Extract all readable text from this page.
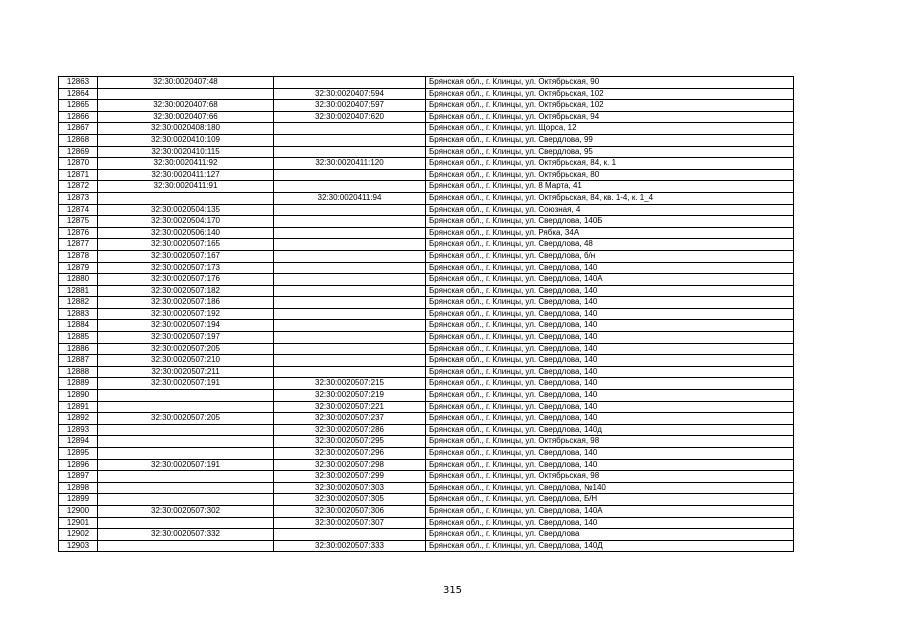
12863	32:30:0020407:48		Брянская обл., г. Клинцы, ул. Октябрьская, 90
12864		32:30:0020407:594	Брянская обл., г. Клинцы, ул. Октябрьская, 102
12865	32:30:0020407:68	32:30:0020407:597	Брянская обл., г. Клинцы, ул. Октябрьская, 102
12866	32:30:0020407:66	32:30:0020407:620	Брянская обл., г. Клинцы, ул. Октябрьская, 94
12867	32:30:0020408:180		Брянская обл., г. Клинцы, ул. Щорса, 12
12868	32:30:0020410:109		Брянская обл., г. Клинцы, ул. Свердлова, 99
12869	32:30:0020410:115		Брянская обл., г. Клинцы, ул. Свердлова, 95
12870	32:30:0020411:92	32:30:0020411:120	Брянская обл., г. Клинцы, ул. Октябрьская, 84, к. 1
12871	32:30:0020411:127		Брянская обл., г. Клинцы, ул. Октябрьская, 80
12872	32:30:0020411:91		Брянская обл., г. Клинцы, ул. 8 Марта, 41
12873		32:30:0020411:94	Брянская обл., г. Клинцы, ул. Октябрьская, 84, кв. 1-4, к. 1_4
12874	32:30:0020504:135		Брянская обл., г. Клинцы, ул. Союзная, 4
12875	32:30:0020504:170		Брянская обл., г. Клинцы, ул. Свердлова, 140Б
12876	32:30:0020506:140		Брянская обл., г. Клинцы, ул. Рябка, 34А
12877	32:30:0020507:165		Брянская обл., г. Клинцы, ул. Свердлова, 48
12878	32:30:0020507:167		Брянская обл., г. Клинцы, ул. Свердлова, б/н
12879	32:30:0020507:173		Брянская обл., г. Клинцы, ул. Свердлова, 140
12880	32:30:0020507:176		Брянская обл., г. Клинцы, ул. Свердлова, 140А
12881	32:30:0020507:182		Брянская обл., г. Клинцы, ул. Свердлова, 140
12882	32:30:0020507:186		Брянская обл., г. Клинцы, ул. Свердлова, 140
12883	32:30:0020507:192		Брянская обл., г. Клинцы, ул. Свердлова, 140
12884	32:30:0020507:194		Брянская обл., г. Клинцы, ул. Свердлова, 140
12885	32:30:0020507:197		Брянская обл., г. Клинцы, ул. Свердлова, 140
12886	32:30:0020507:205		Брянская обл., г. Клинцы, ул. Свердлова, 140
12887	32:30:0020507:210		Брянская обл., г. Клинцы, ул. Свердлова, 140
12888	32:30:0020507:211		Брянская обл., г. Клинцы, ул. Свердлова, 140
12889	32:30:0020507:191	32:30:0020507:215	Брянская обл., г. Клинцы, ул. Свердлова, 140
12890		32:30:0020507:219	Брянская обл., г. Клинцы, ул. Свердлова, 140
12891		32:30:0020507:221	Брянская обл., г. Клинцы, ул. Свердлова, 140
12892	32:30:0020507:205	32:30:0020507:237	Брянская обл., г. Клинцы, ул. Свердлова, 140
12893		32:30:0020507:286	Брянская обл., г. Клинцы, ул. Свердлова, 140д
12894		32:30:0020507:295	Брянская обл., г. Клинцы, ул. Октябрьская, 98
12895		32:30:0020507:296	Брянская обл., г. Клинцы, ул. Свердлова, 140
12896	32:30:0020507:191	32:30:0020507:298	Брянская обл., г. Клинцы, ул. Свердлова, 140
12897		32:30:0020507:299	Брянская обл., г. Клинцы, ул. Октябрьская, 98
12898		32:30:0020507:303	Брянская обл., г. Клинцы, ул. Свердлова, №140
12899		32:30:0020507:305	Брянская обл., г. Клинцы, ул. Свердлова, Б/Н
12900	32:30:0020507:302	32:30:0020507:306	Брянская обл., г. Клинцы, ул. Свердлова, 140А
12901		32:30:0020507:307	Брянская обл., г. Клинцы, ул. Свердлова, 140
12902	32:30:0020507:332		Брянская обл., г. Клинцы, ул. Свердлова
12903		32:30:0020507:333	Брянская обл., г. Клинцы, ул. Свердлова, 140Д
315
